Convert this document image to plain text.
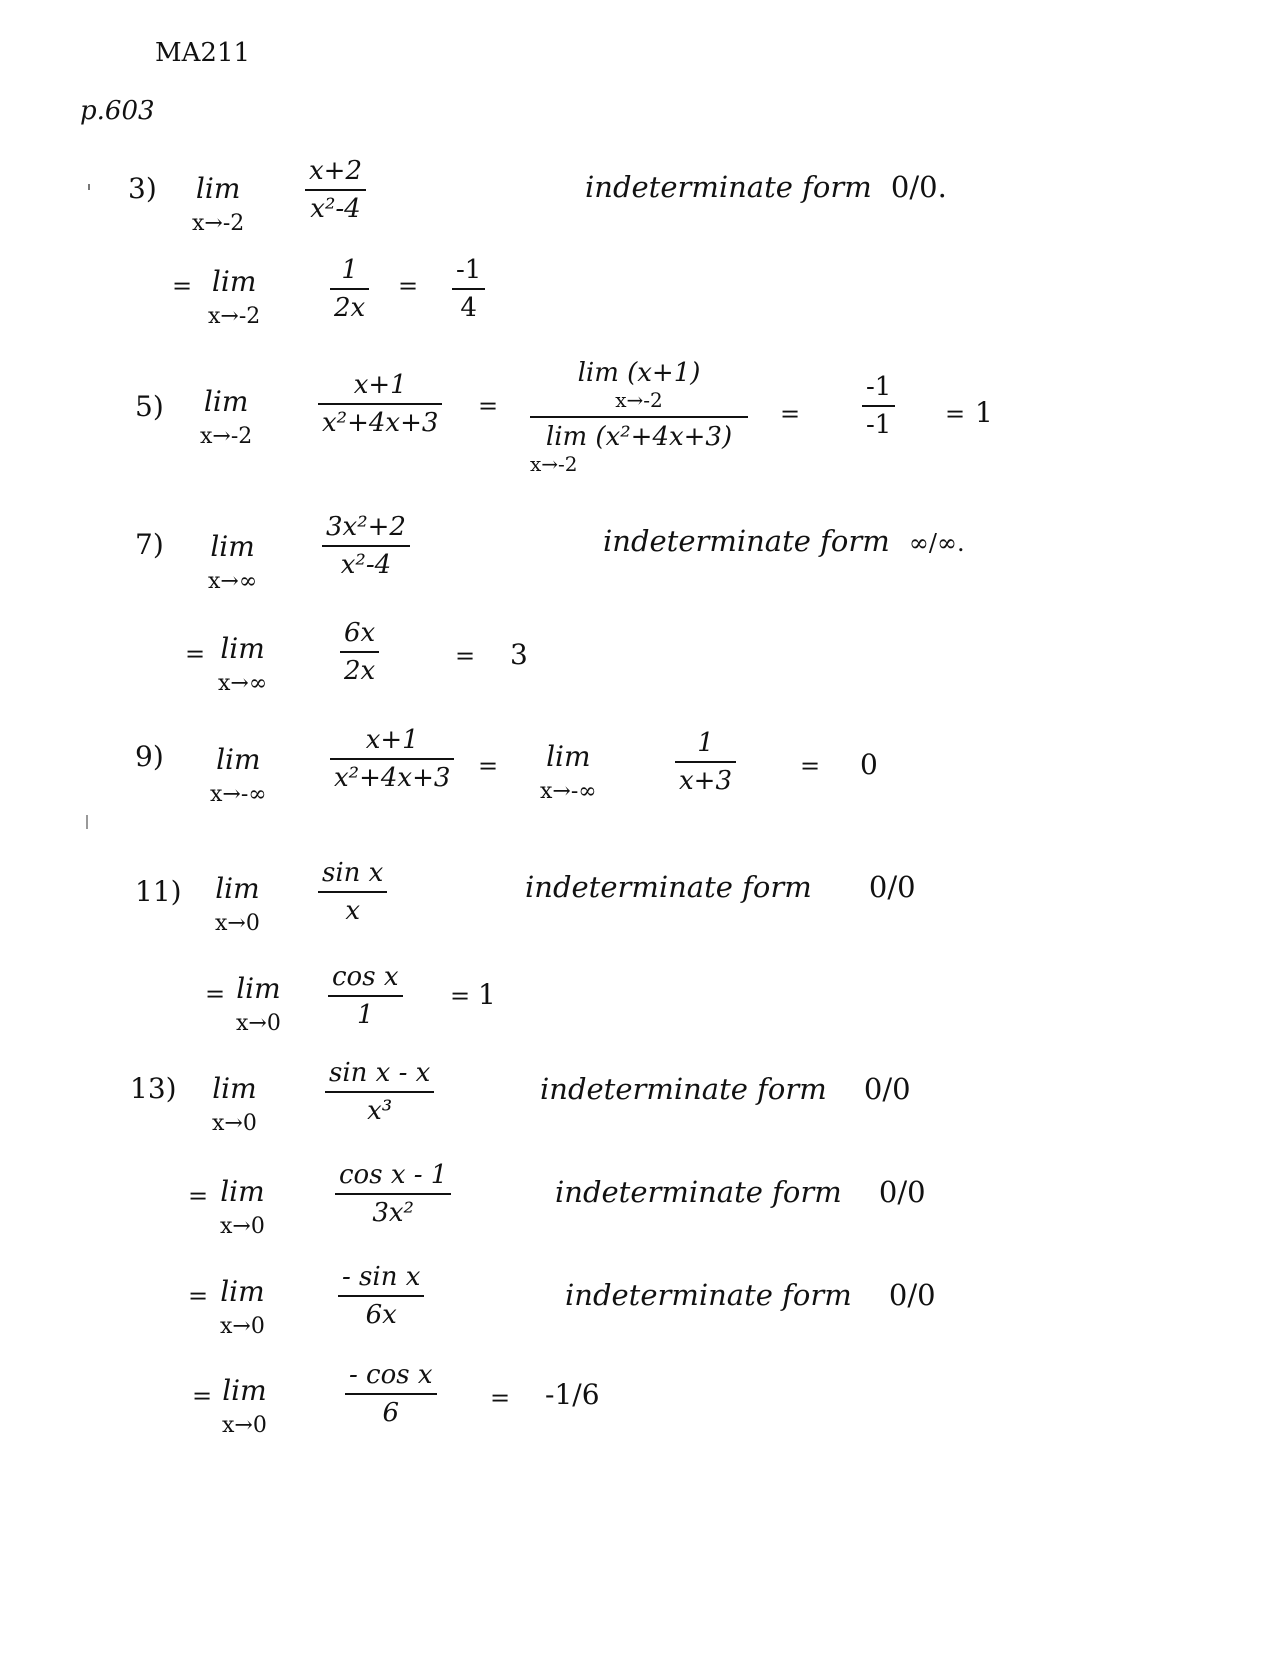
MA211
p.603
3) lim
x→-2
x+2
x²-4
indeterminate form 0/0.
= lim
x→-2
1
2x
=
-1
4
5) lim
x→-2
x+1
x²+4x+3
=
lim (x+1)
x→-2
lim (x²+4x+3)
x→-2
=
-1
-1 = 1
7) lim
x→∞
3x²+2
x²-4
indeterminate form ∞/∞.
= lim
x→∞
6x
2x	= 3
9) lim
x→-∞
x+1
x²+4x+3 = lim
x→-∞
1
x+3	= 0
11) lim
x→0
sin x
x
indeterminate form 0/0
= lim
x→0
cos x
1
= 1
13) lim
x→0
sin x - x
x³
indeterminate form 0/0
= lim
x→0
cos x - 1
3x²
indeterminate form 0/0
= lim
x→0
- sin x
6x
indeterminate form 0/0
= lim
x→0
- cos x
6	= -1/6
